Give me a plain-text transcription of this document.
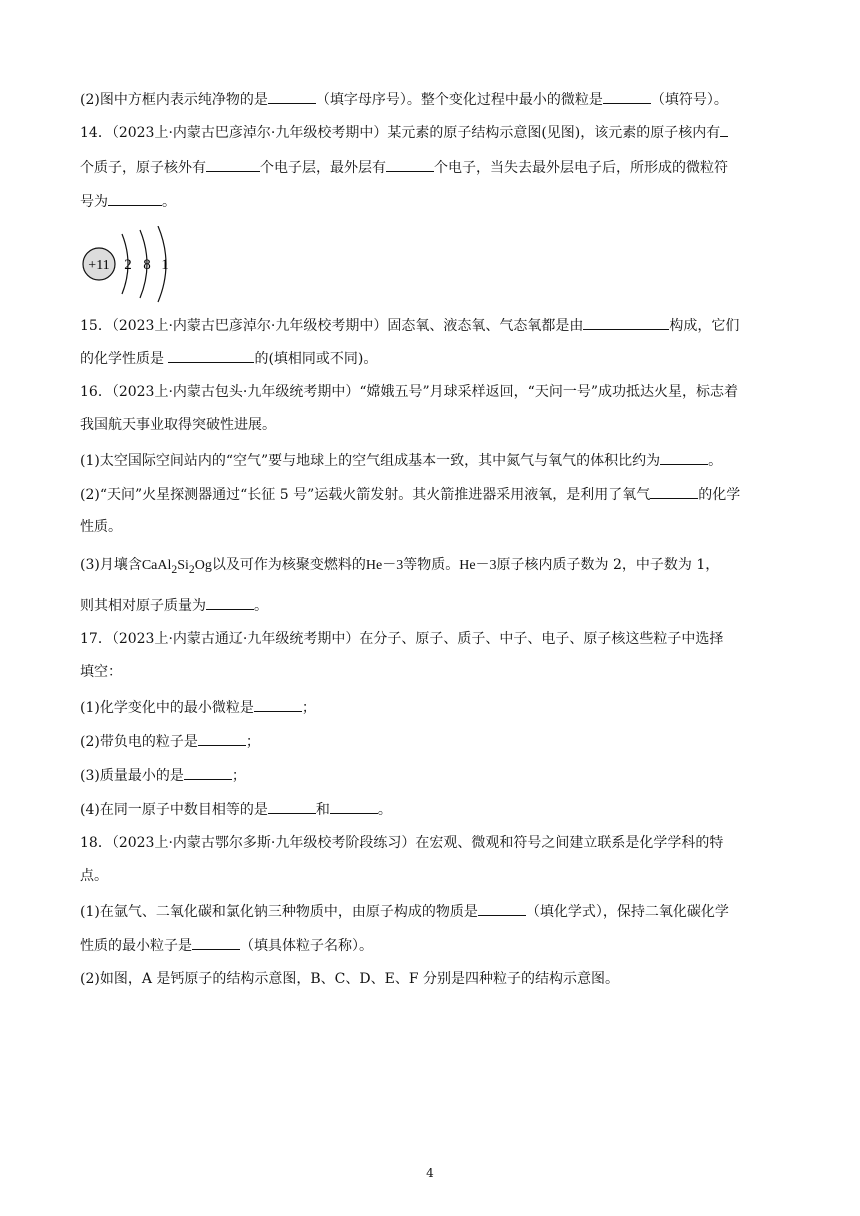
(2)图中方框内表示纯净物的是	（填字母序号）。整个变化过程中最小的微粒是	（填符号）。
14．（2023上·内蒙古巴彦淖尔·九年级校考期中）某元素的原子结构示意图(见图)，该元素的原子核内有
个质子，原子核外有	个电子层，最外层有	个电子，当失去最外层电子后，所形成的微粒符
号为	。
+11 2 8 1
15．（2023上·内蒙古巴彦淖尔·九年级校考期中）固态氧、液态氧、气态氧都是由	构成，它们
的化学性质是	的(填相同或不同)。
16．（2023上·内蒙古包头·九年级统考期中）“嫦娥五号”月球采样返回，“天问一号”成功抵达火星，标志着
我国航天事业取得突破性进展。
(1)太空国际空间站内的“空气”要与地球上的空气组成基本一致，其中氮气与氧气的体积比约为	。
(2)“天问”火星探测器通过“长征 5 号”运载火箭发射。其火箭推进器采用液氧，是利用了氧气	的化学
性质。
(3)月壤含$CaAl_2Si_2Og$以及可作为核聚变燃料的He－3等物质。He－3原子核内质子数为 2，中子数为 1，
则其相对原子质量为	。
17．（2023上·内蒙古通辽·九年级统考期中）在分子、原子、质子、中子、电子、原子核这些粒子中选择
填空：
(1)化学变化中的最小微粒是	；
(2)带负电的粒子是	；
(3)质量最小的是	；
(4)在同一原子中数目相等的是	和	。
18．（2023上·内蒙古鄂尔多斯·九年级校考阶段练习）在宏观、微观和符号之间建立联系是化学学科的特
点。
(1)在氩气、二氧化碳和氯化钠三种物质中，由原子构成的物质是	（填化学式），保持二氧化碳化学
性质的最小粒子是	（填具体粒子名称）。
(2)如图，A 是钙原子的结构示意图，B、C、D、E、F 分别是四种粒子的结构示意图。
4
